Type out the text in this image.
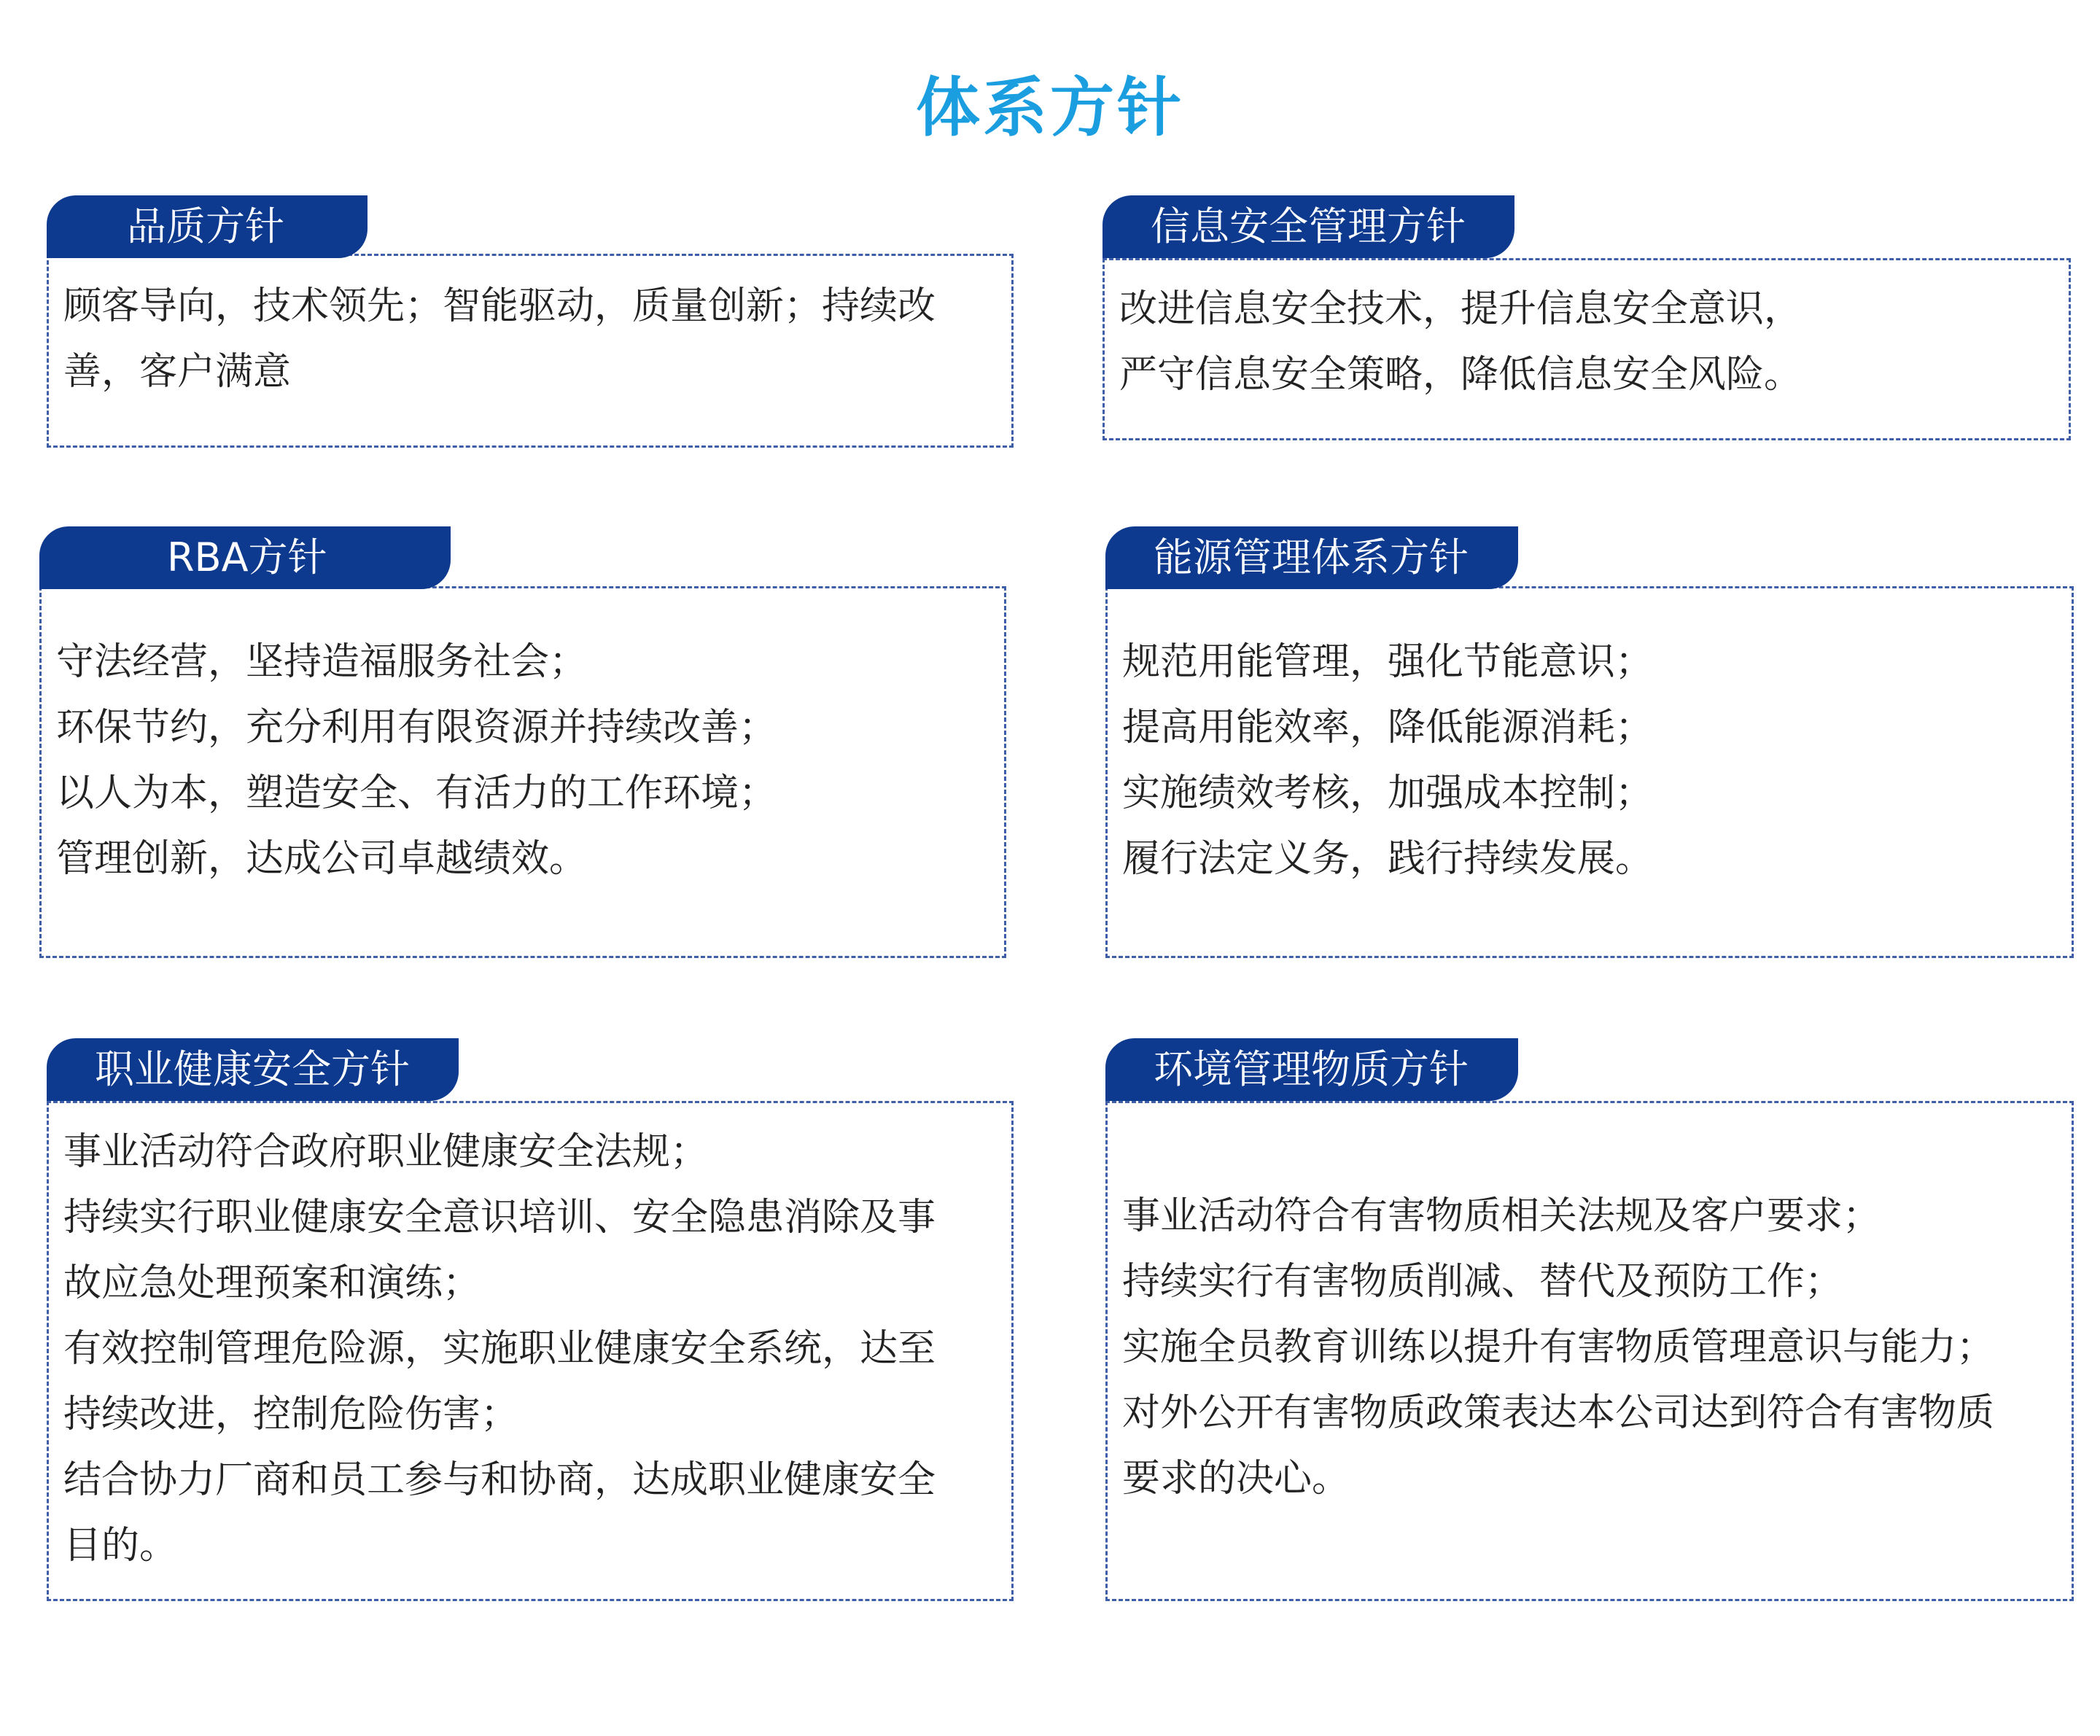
体系方针
顾客导向，技术领先；智能驱动，质量创新；持续改
善，客户满意
品质方针
改进信息安全技术，提升信息安全意识，
严守信息安全策略，降低信息安全风险。
信息安全管理方针
守法经营，坚持造福服务社会；
环保节约，充分利用有限资源并持续改善；
以人为本，塑造安全、有活力的工作环境；
管理创新，达成公司卓越绩效。
RBA方针
规范用能管理，强化节能意识；
提高用能效率，降低能源消耗；
实施绩效考核，加强成本控制；
履行法定义务，践行持续发展。
能源管理体系方针
事业活动符合政府职业健康安全法规；
持续实行职业健康安全意识培训、安全隐患消除及事
故应急处理预案和演练；
有效控制管理危险源，实施职业健康安全系统，达至
持续改进，控制危险伤害；
结合协力厂商和员工参与和协商，达成职业健康安全
目的。
职业健康安全方针
事业活动符合有害物质相关法规及客户要求；
持续实行有害物质削减、替代及预防工作；
实施全员教育训练以提升有害物质管理意识与能力；
对外公开有害物质政策表达本公司达到符合有害物质
要求的决心。
环境管理物质方针
